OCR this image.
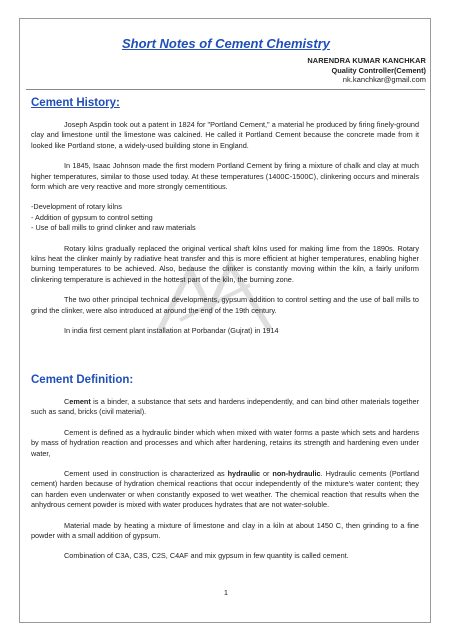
Short Notes of Cement Chemistry
NARENDRA KUMAR KANCHKAR
Quality Controller(Cement)
nk.kanchkar@gmail.com
Cement History:

Joseph Aspdin took out a patent in 1824 for "Portland Cement," a material he produced by firing finely-ground clay and limestone until the limestone was calcined. He called it Portland Cement because the concrete made from it looked like Portland stone, a widely-used building stone in England.

In 1845, Isaac Johnson made the first modern Portland Cement by firing a mixture of chalk and clay at much higher temperatures, similar to those used today. At these temperatures (1400C-1500C), clinkering occurs and minerals form which are very reactive and more strongly cementitious.

-Development of rotary kilns
- Addition of gypsum to control setting
- Use of ball mills to grind clinker and raw materials

Rotary kilns gradually replaced the original vertical shaft kilns used for making lime from the 1890s. Rotary kilns heat the clinker mainly by radiative heat transfer and this is more efficient at higher temperatures, enabling higher burning temperatures to be achieved. Also, because the clinker is constantly moving within the kiln, a fairly uniform clinkering temperature is achieved in the hottest part of the kiln, the burning zone.

The two other principal technical developments, gypsum addition to control setting and the use of ball mills to grind the clinker, were also introduced at around the end of the 19th century.

In india first cement plant installation at Porbandar (Gujrat) in 1914

Cement Definition:

Cement is a binder, a substance that sets and hardens independently, and can bind other materials together such as sand, bricks (civil material).

Cement is defined as a hydraulic binder which when mixed with water forms a paste which sets and hardens by mass of hydration reaction and processes and which after hardening, retains its strength and hardening even under water,

Cement used in construction is characterized as hydraulic or non-hydraulic. Hydraulic cements (Portland cement) harden because of hydration chemical reactions that occur independently of the mixture's water content; they can harden even underwater or when constantly exposed to wet weather. The chemical reaction that results when the anhydrous cement powder is mixed with water produces hydrates that are not water-soluble.

Material made by heating a mixture of limestone and clay in a kiln at about 1450 C, then grinding to a fine powder with a small addition of gypsum.

Combination of C3A, C3S, C2S, C4AF and mix gypsum in few quantity is called cement.

1
